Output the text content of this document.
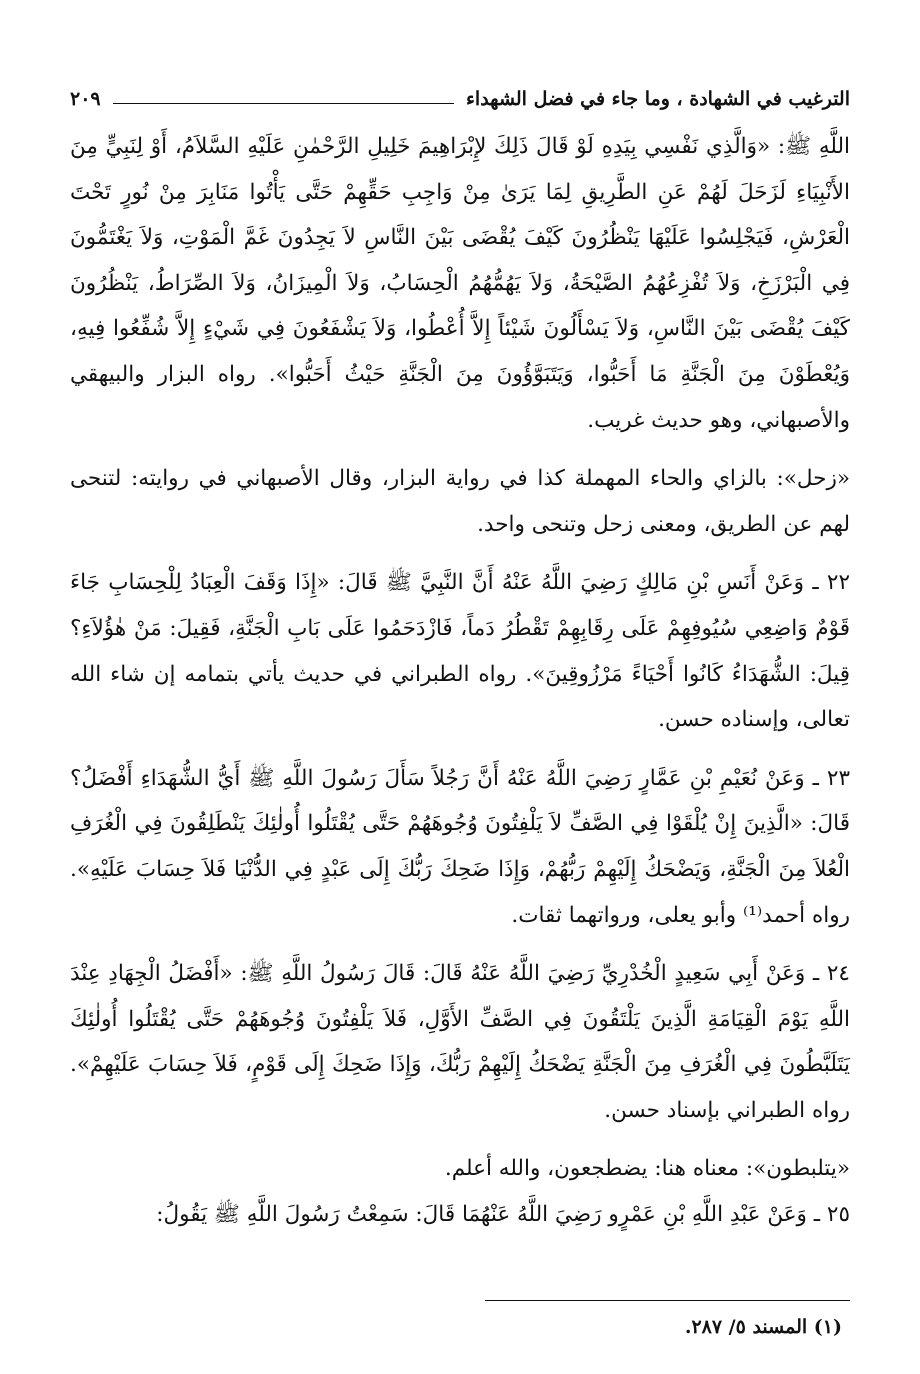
الترغيب في الشهادة ، وما جاء في فضل الشهداء
٢٠٩

اللَّهِ ﷺ: «وَالَّذِي نَفْسِي بِيَدِهِ لَوْ قَالَ ذَلِكَ لإِبْرَاهِيمَ خَلِيلِ الرَّحْمٰنِ عَلَيْهِ السَّلاَمُ، أَوْ لِنَبِيٍّ مِنَ الأَنْبِيَاءِ لَزَحَلَ لَهُمْ عَنِ الطَّرِيقِ لِمَا يَرَىٰ مِنْ وَاجِبِ حَقِّهِمْ حَتَّى يَأْتُوا مَنَابِرَ مِنْ نُورٍ تَحْتَ الْعَرْشِ، فَيَجْلِسُوا عَلَيْهَا يَنْظُرُونَ كَيْفَ يُقْضَى بَيْنَ النَّاسِ لاَ يَجِدُونَ غَمَّ الْمَوْتِ، وَلاَ يَغْتَمُّونَ فِي الْبَرْزَخِ، وَلاَ تُفْزِعُهُمُ الصَّيْحَةُ، وَلاَ يَهُمُّهُمُ الْحِسَابُ، وَلاَ الْمِيزَانُ، وَلاَ الصِّرَاطُ، يَنْظُرُونَ كَيْفَ يُقْضَى بَيْنَ النَّاسِ، وَلاَ يَسْأَلُونَ شَيْئاً إِلاَّ أُعْطُوا، وَلاَ يَشْفَعُونَ فِي شَيْءٍ إِلاَّ شُفِّعُوا فِيهِ، وَيُعْطَوْنَ مِنَ الْجَنَّةِ مَا أَحَبُّوا، وَيَتَبَوَّؤُونَ مِنَ الْجَنَّةِ حَيْثُ أَحَبُّوا». رواه البزار والبيهقي والأصبهاني، وهو حديث غريب.

«زحل»: بالزاي والحاء المهملة كذا في رواية البزار، وقال الأصبهاني في روايته: لتنحى لهم عن الطريق، ومعنى زحل وتنحى واحد.

٢٢ ـ وَعَنْ أَنَسِ بْنِ مَالِكٍ رَضِيَ اللَّهُ عَنْهُ أَنَّ النَّبِيَّ ﷺ قَالَ: «إِذَا وَقَفَ الْعِبَادُ لِلْحِسَابِ جَاءَ قَوْمٌ وَاضِعِي سُيُوفِهِمْ عَلَى رِقَابِهِمْ تَقْطُرُ دَماً، فَازْدَحَمُوا عَلَى بَابِ الْجَنَّةِ، فَقِيلَ: مَنْ هٰؤُلاَءِ؟ قِيلَ: الشُّهَدَاءُ كَانُوا أَحْيَاءً مَرْزُوقِينَ». رواه الطبراني في حديث يأتي بتمامه إن شاء الله تعالى، وإسناده حسن.

٢٣ ـ وَعَنْ نُعَيْمِ بْنِ عَمَّارٍ رَضِيَ اللَّهُ عَنْهُ أَنَّ رَجُلاً سَأَلَ رَسُولَ اللَّهِ ﷺ أَيُّ الشُّهَدَاءِ أَفْضَلُ؟ قَالَ: «الَّذِينَ إِنْ يُلْقَوْا فِي الصَّفِّ لاَ يَلْفِتُونَ وُجُوهَهُمْ حَتَّى يُقْتَلُوا أُولٰئِكَ يَنْطَلِقُونَ فِي الْغُرَفِ الْعُلاَ مِنَ الْجَنَّةِ، وَيَضْحَكُ إِلَيْهِمْ رَبُّهُمْ، وَإِذَا ضَحِكَ رَبُّكَ إِلَى عَبْدٍ فِي الدُّنْيَا فَلاَ حِسَابَ عَلَيْهِ». رواه أحمد⁽¹⁾ وأبو يعلى، ورواتهما ثقات.

٢٤ ـ وَعَنْ أَبِي سَعِيدٍ الْخُدْرِيِّ رَضِيَ اللَّهُ عَنْهُ قَالَ: قَالَ رَسُولُ اللَّهِ ﷺ: «أَفْضَلُ الْجِهَادِ عِنْدَ اللَّهِ يَوْمَ الْقِيَامَةِ الَّذِينَ يَلْتَقُونَ فِي الصَّفِّ الأَوَّلِ، فَلاَ يَلْفِتُونَ وُجُوهَهُمْ حَتَّى يُقْتَلُوا أُولٰئِكَ يَتَلَبَّطُونَ فِي الْغُرَفِ مِنَ الْجَنَّةِ يَضْحَكُ إِلَيْهِمْ رَبُّكَ، وَإِذَا ضَحِكَ إِلَى قَوْمٍ، فَلاَ حِسَابَ عَلَيْهِمْ». رواه الطبراني بإسناد حسن.

«يتلبطون»: معناه هنا: يضطجعون، والله أعلم.

٢٥ ـ وَعَنْ عَبْدِ اللَّهِ بْنِ عَمْرٍو رَضِيَ اللَّهُ عَنْهُمَا قَالَ: سَمِعْتُ رَسُولَ اللَّهِ ﷺ يَقُولُ:

(١) المسند ٥/ ٢٨٧.
